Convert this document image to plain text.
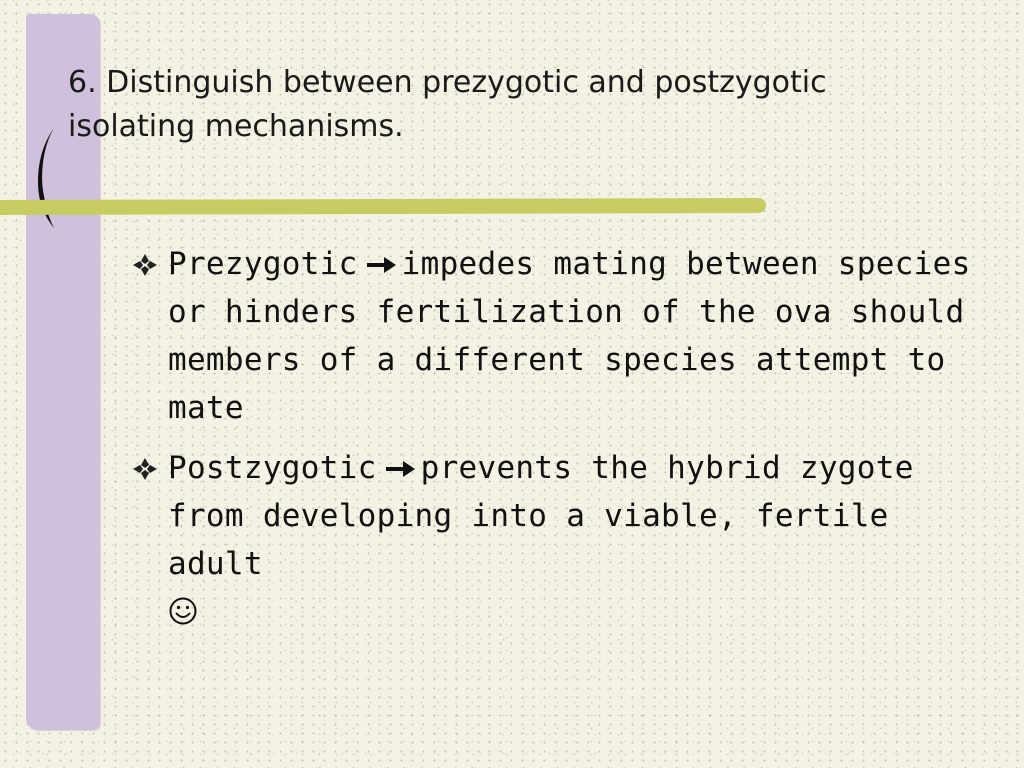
6. Distinguish between prezygotic and postzygotic
isolating mechanisms.
Prezygotic impedes mating between species or hinders fertilization of the ova should members of a different species attempt to mate
Postzygotic prevents the hybrid zygote from developing into a viable, fertile adult
